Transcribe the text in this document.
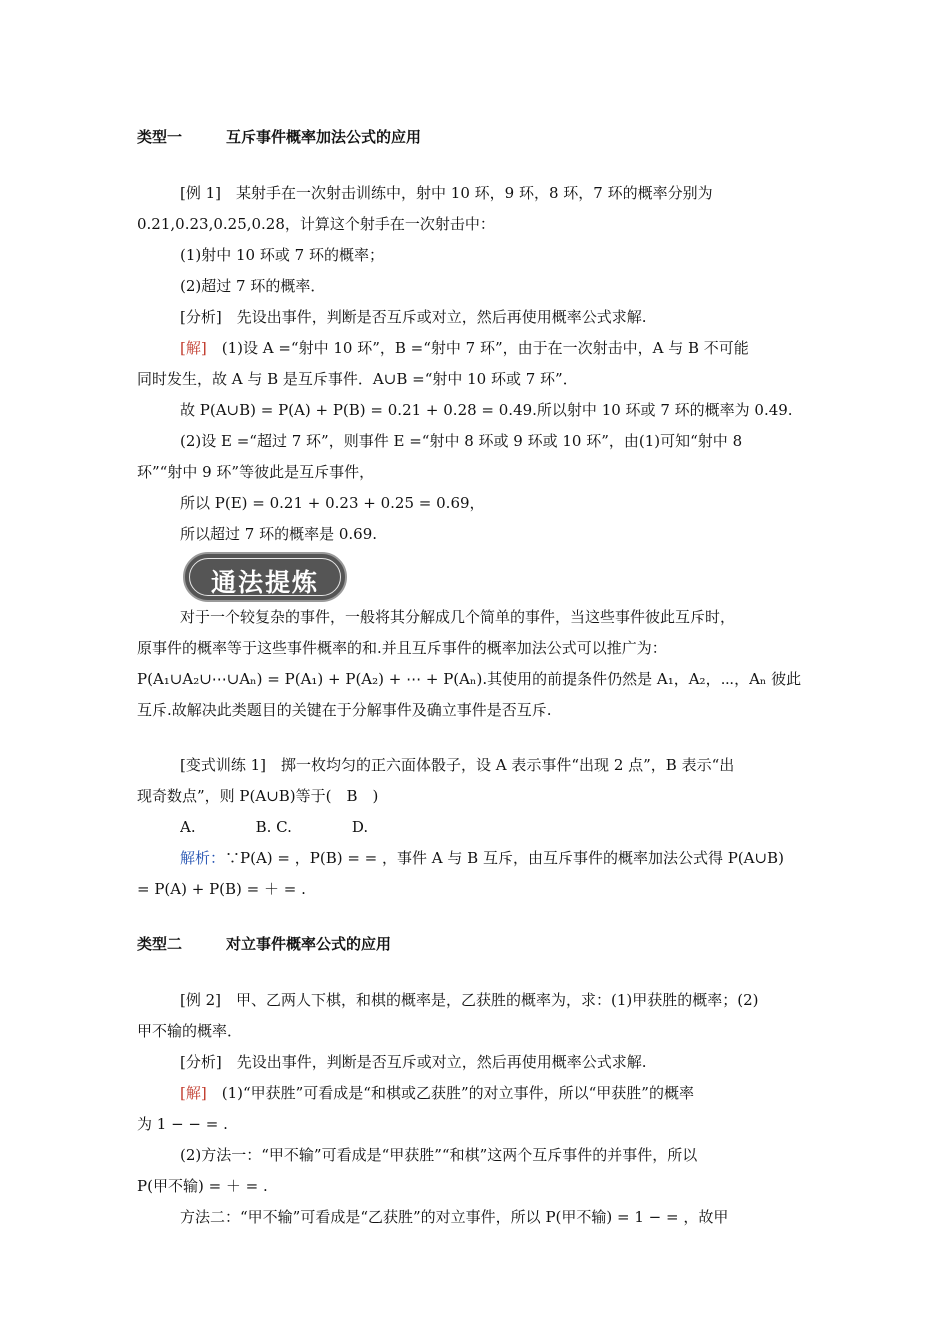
类型一	互斥事件概率加法公式的应用
[例 1]　某射手在一次射击训练中，射中 10 环，9 环，8 环，7 环的概率分别为
0.21,0.23,0.25,0.28，计算这个射手在一次射击中：
(1)射中 10 环或 7 环的概率；
(2)超过 7 环的概率．
[分析]　先设出事件，判断是否互斥或对立，然后再使用概率公式求解.
[解]　(1)设 A =“射中 10 环”，B =“射中 7 环”，由于在一次射击中，A 与 B 不可能
同时发生，故 A 与 B 是互斥事件．A∪B =“射中 10 环或 7 环”．
故 P(A∪B) = P(A) + P(B) = 0.21 + 0.28 = 0.49.所以射中 10 环或 7 环的概率为 0.49.
(2)设 E =“超过 7 环”，则事件 E =“射中 8 环或 9 环或 10 环”，由(1)可知“射中 8
环”“射中 9 环”等彼此是互斥事件，
所以 P(E) = 0.21 + 0.23 + 0.25 = 0.69，
所以超过 7 环的概率是 0.69.
通法提炼
对于一个较复杂的事件，一般将其分解成几个简单的事件，当这些事件彼此互斥时，
原事件的概率等于这些事件概率的和.并且互斥事件的概率加法公式可以推广为：
P(A₁∪A₂∪⋯∪Aₙ) = P(A₁) + P(A₂) + ⋯ + P(Aₙ).其使用的前提条件仍然是 A₁，A₂，⋯，Aₙ 彼此
互斥.故解决此类题目的关键在于分解事件及确立事件是否互斥.
[变式训练 1]　掷一枚均匀的正六面体骰子，设 A 表示事件“出现 2 点”，B 表示“出
现奇数点”，则 P(A∪B)等于(　B　)
A.　　　　B. C.　　　　D.
解析：∵P(A) = ，P(B) = = ，事件 A 与 B 互斥，由互斥事件的概率加法公式得 P(A∪B)
= P(A) + P(B) = ＋ = .
类型二	对立事件概率公式的应用
[例 2]　甲、乙两人下棋，和棋的概率是，乙获胜的概率为，求：(1)甲获胜的概率；(2)
甲不输的概率．
[分析]　先设出事件，判断是否互斥或对立，然后再使用概率公式求解.
[解]　(1)“甲获胜”可看成是“和棋或乙获胜”的对立事件，所以“甲获胜”的概率
为 1 − − = .
(2)方法一：“甲不输”可看成是“甲获胜”“和棋”这两个互斥事件的并事件，所以
P(甲不输) = ＋ = .
方法二：“甲不输”可看成是“乙获胜”的对立事件，所以 P(甲不输) = 1 − = ，故甲
